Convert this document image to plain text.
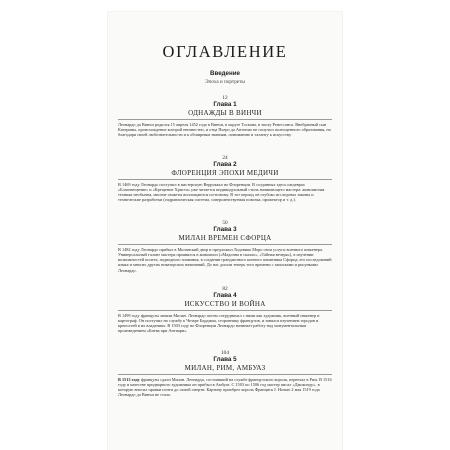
ОГЛАВЛЕНИЕ
Введение
Эпоха и портреты
12
Глава 1
ОДНАЖДЫ В ВИНЧИ
Леонардо да Винчи родился 15 апреля 1452 года в Винчи, в округе Тоскана, в эпоху Ренессанса. Внебрачный сын Катерины, происхождение которой неизвестно, и отца Пьеро да Антонио не получил полноценного образования, но благодаря своей любознательности и к обширным знаниям, пониманию и таланту к искусству.
24
Глава 2
ФЛОРЕНЦИЯ ЭПОХИ МЕДИЧИ
В 1469 году Леонардо поступил в мастерскую Верроккьо во Флоренции. В созданных здесь шедеврах «Благовещение» и «Крещение Христа» уже читается индивидуальный стиль начинающего мастера: живописная техника необычна, многие сюжеты воплощаются по-новому. В тот период он глубоко исследовал законы и технические разработки (гидравлическая система, совершенствуемая повозка, прожектор и т. д.).
50
Глава 3
МИЛАН ВРЕМЕН СФОРЦА
В 1482 году Леонардо прибыл в Миланский двор и предложил Лодовико Моро свои услуги военного инженера. Универсальный талант мастера проявился в живописи («Мадонна в скалах», «Тайная вечеря»), в изучении возможностей полета, подводного плавания, в создании грандиозного конного памятника Сфорца, его исследований языка и многих других новаторских начинаний. До нас дошли теперь того времени с записками и рисунками Леонардо.
82
Глава 4
ИСКУССТВО И ВОЙНА
В 1499 году французы заняли Милан. Леонардо потом сотрудничал с ними как художник, военный инженер и картограф. Он поступил на службу к Чезаре Борджиа, стороннику французов, и занялся изучением городов и крепостей в их владениях. В 1503 году во Флоренции Леонардо начинает работу над монументальным произведением «Битва при Ангиари».
104
Глава 5
МИЛАН, РИМ, АМБУАЗ
В 1513 году французы сдали Милан. Леонардо, состоявший на службе французского короля, переехал в Рим. В 1516 году в качестве придворного художника он прибыл в Амбуаз. С 1503 по 1506 год мастер писал «Джоконду», в которую вносил правки почти до самой смерти. Картину приобрел король Франциск I. Ночью 2 мая 1519 года Леонардо да Винчи не стало.
